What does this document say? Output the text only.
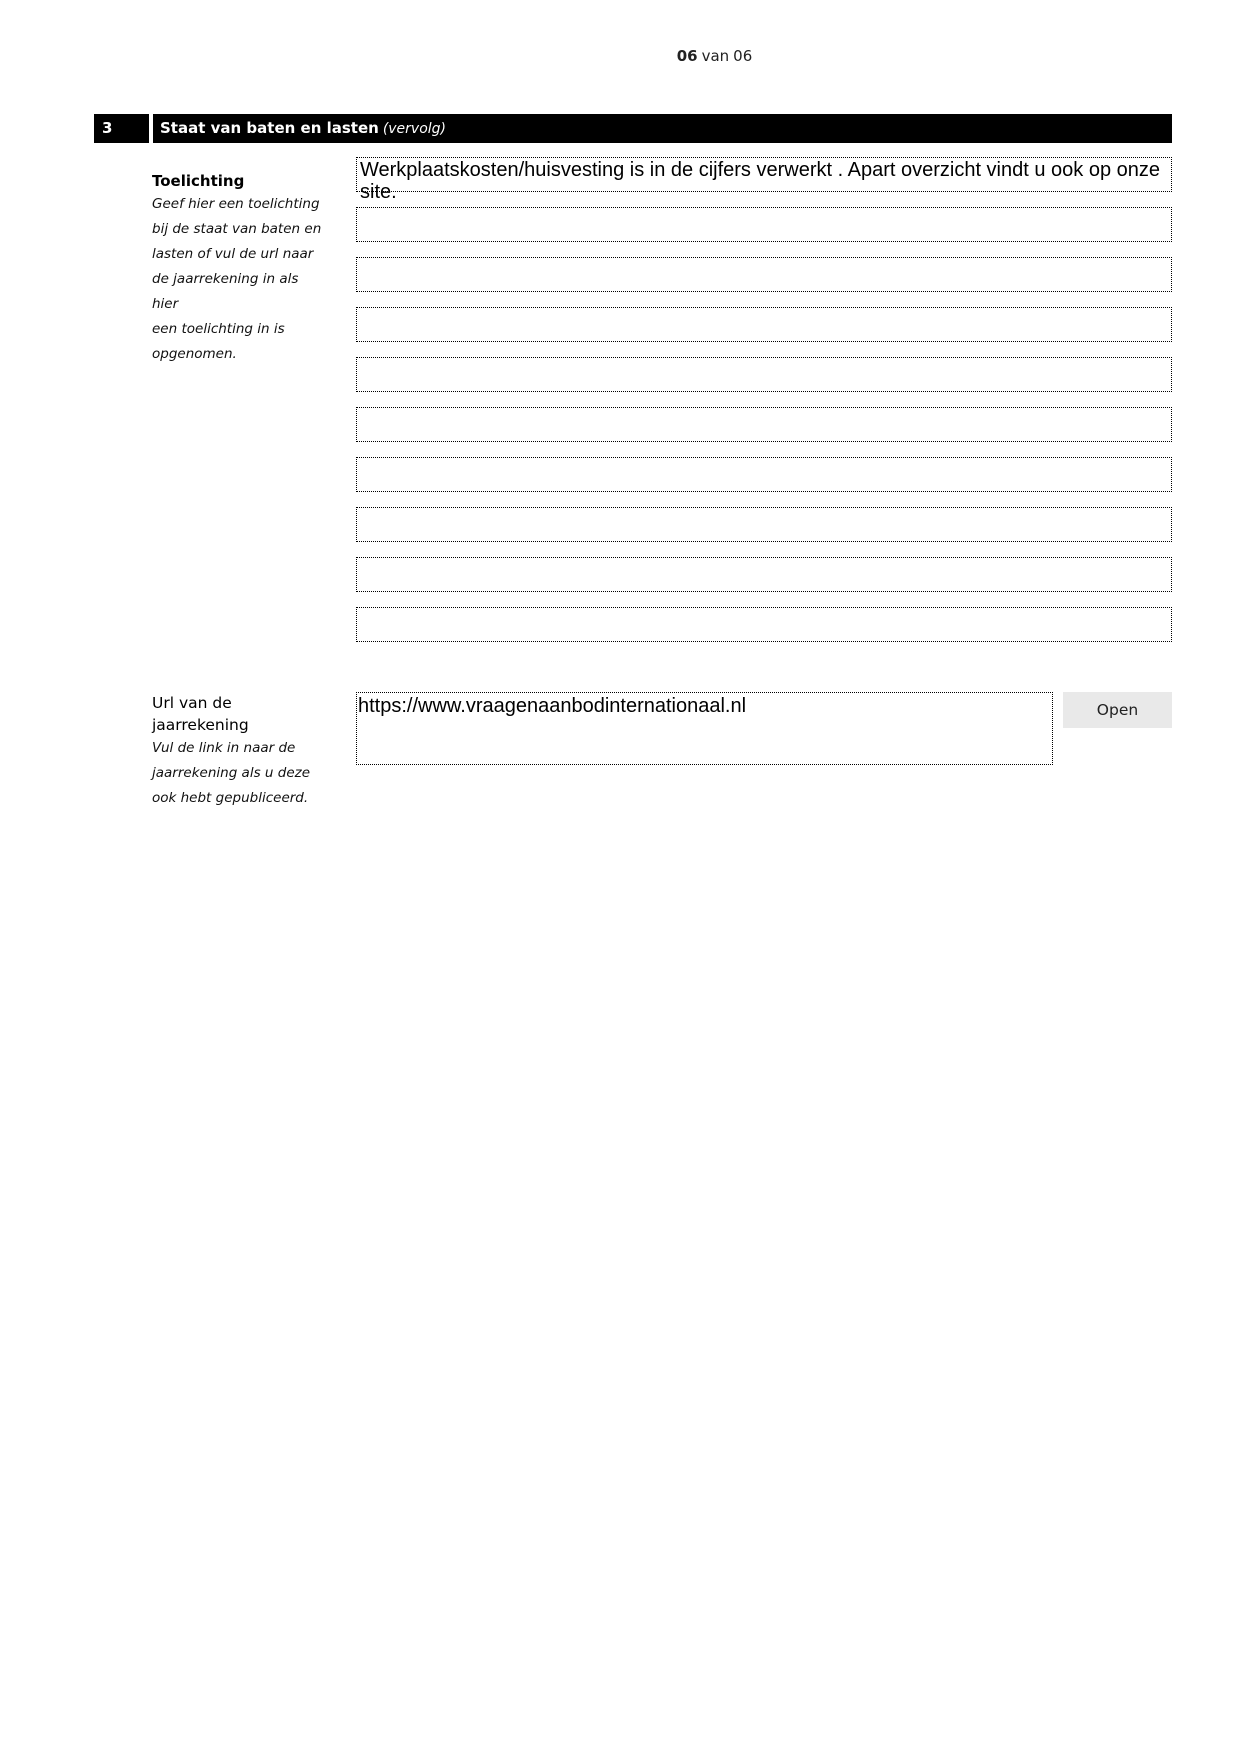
06 van 06
3	Staat van baten en lasten (vervolg)
Toelichting
Geef hier een toelichting
bij de staat van baten en
lasten of vul de url naar
de jaarrekening in als hier
een toelichting in is
opgenomen.
Werkplaatskosten/huisvesting is in de cijfers verwerkt . Apart overzicht vindt u ook op onze site.
Url van de jaarrekening
Vul de link in naar de
jaarrekening als u deze
ook hebt gepubliceerd.
https://www.vraagenaanbodinternationaal.nl	Open
